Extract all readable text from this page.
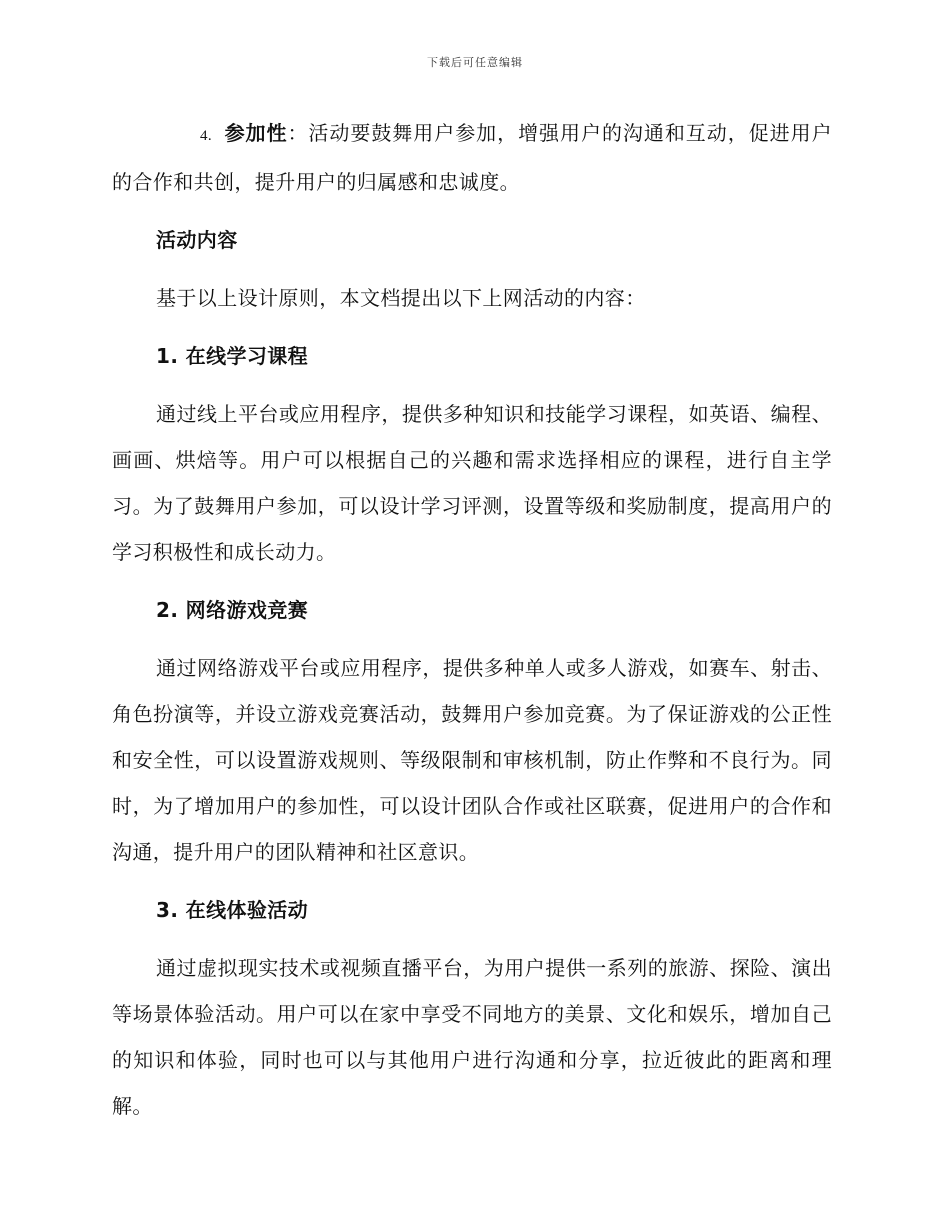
下载后可任意编辑

4. 参加性：活动要鼓舞用户参加，增强用户的沟通和互动，促进用户的合作和共创，提升用户的归属感和忠诚度。

活动内容

基于以上设计原则，本文档提出以下上网活动的内容：

1. 在线学习课程

通过线上平台或应用程序，提供多种知识和技能学习课程，如英语、编程、画画、烘焙等。用户可以根据自己的兴趣和需求选择相应的课程，进行自主学习。为了鼓舞用户参加，可以设计学习评测，设置等级和奖励制度，提高用户的学习积极性和成长动力。

2. 网络游戏竞赛

通过网络游戏平台或应用程序，提供多种单人或多人游戏，如赛车、射击、角色扮演等，并设立游戏竞赛活动，鼓舞用户参加竞赛。为了保证游戏的公正性和安全性，可以设置游戏规则、等级限制和审核机制，防止作弊和不良行为。同时，为了增加用户的参加性，可以设计团队合作或社区联赛，促进用户的合作和沟通，提升用户的团队精神和社区意识。

3. 在线体验活动

通过虚拟现实技术或视频直播平台，为用户提供一系列的旅游、探险、演出等场景体验活动。用户可以在家中享受不同地方的美景、文化和娱乐，增加自己的知识和体验，同时也可以与其他用户进行沟通和分享，拉近彼此的距离和理解。
